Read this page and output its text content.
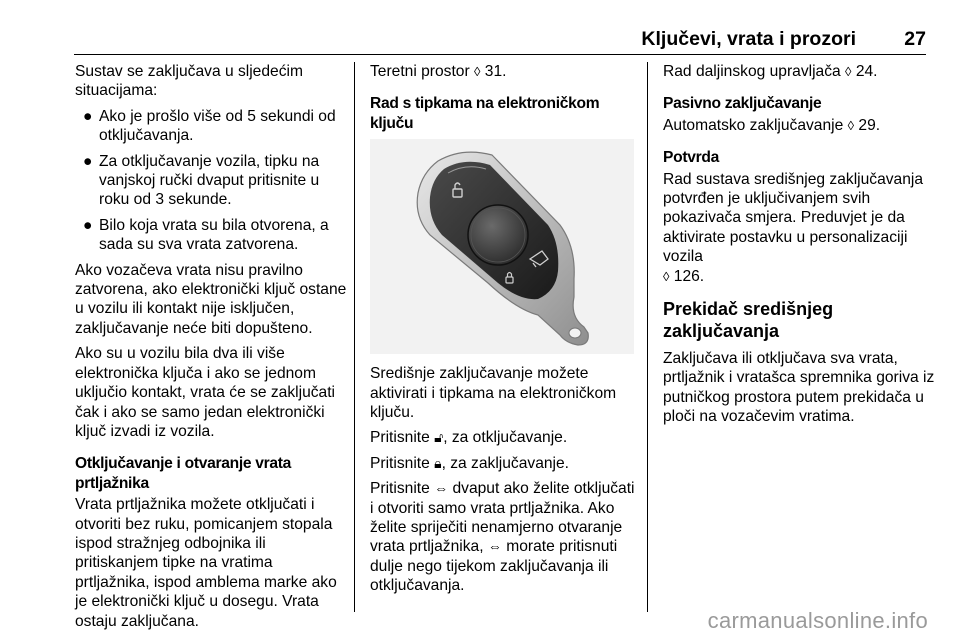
Ključevi, vrata i prozori 27

Sustav se zaključava u sljedećim situacijama:

● Ako je prošlo više od 5 sekundi od otključavanja.
● Za otključavanje vozila, tipku na vanjskoj ručki dvaput pritisnite u roku od 3 sekunde.
● Bilo koja vrata su bila otvorena, a sada su sva vrata zatvorena.

Ako vozačeva vrata nisu pravilno zatvorena, ako elektronički ključ ostane u vozilu ili kontakt nije isključen, zaključavanje neće biti dopušteno.

Ako su u vozilu bila dva ili više elektronička ključa i ako se jednom uključio kontakt, vrata će se zaključati čak i ako se samo jedan elektronički ključ izvadi iz vozila.

Otključavanje i otvaranje vrata prtljažnika

Vrata prtljažnika možete otključati i otvoriti bez ruku, pomicanjem stopala ispod stražnjeg odbojnika ili pritiskanjem tipke na vratima prtljažnika, ispod amblema marke ako je elektronički ključ u dosegu. Vrata ostaju zaključana.

Teretni prostor ◊ 31.

Rad s tipkama na elektroničkom ključu

Središnje zaključavanje možete aktivirati i tipkama na elektroničkom ključu.

Pritisnite 🔓︎, za otključavanje.

Pritisnite 🔒︎, za zaključavanje.

Pritisnite ⇔ dvaput ako želite otključati i otvoriti samo vrata prtljažnika. Ako želite spriječiti nenamjerno otvaranje vrata prtljažnika, ⇔ morate pritisnuti dulje nego tijekom zaključavanja ili otključavanja.

Rad daljinskog upravljača ◊ 24.

Pasivno zaključavanje

Automatsko zaključavanje ◊ 29.

Potvrda

Rad sustava središnjeg zaključavanja potvrđen je uključivanjem svih pokazivača smjera. Preduvjet je da aktivirate postavku u personalizaciji vozila
◊ 126.

Prekidač središnjeg zaključavanja

Zaključava ili otključava sva vrata, prtljažnik i vratašca spremnika goriva iz putničkog prostora putem prekidača u ploči na vozačevim vratima.

carmanualsonline.info
